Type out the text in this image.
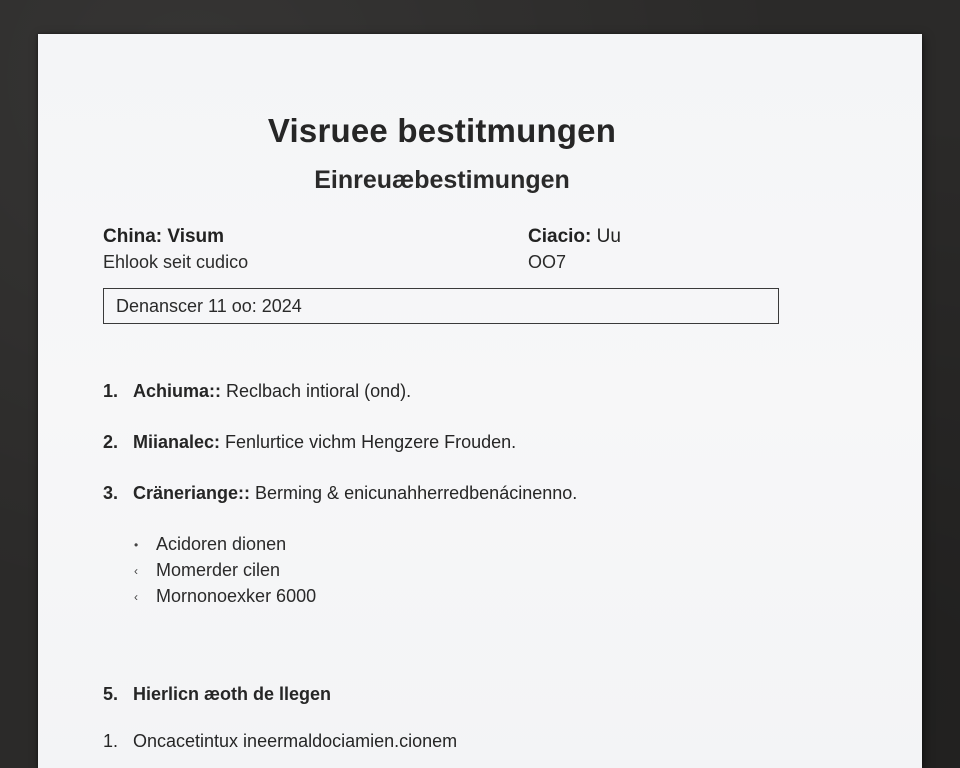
Visruee bestitmungen
Einreuæbestimungen
China: Visum
Ehlook seit cudico
Ciacio: Uu
OO7
Denanscer 11 oo: 2024
1. Achiuma:: Reclbach intioral (ond).
2. Miianalec: Fenlurtice vichm Hengzere Frouden.
3. Cräneriange:: Berming & enicunahherredbenácinenno.
• Acidoren dionen
‹ Momerder cilen
‹ Mornonoexker 6000
5. Hierlicn æoth de llegen
1. Oncacetintux ineermaldociamien.cionem
